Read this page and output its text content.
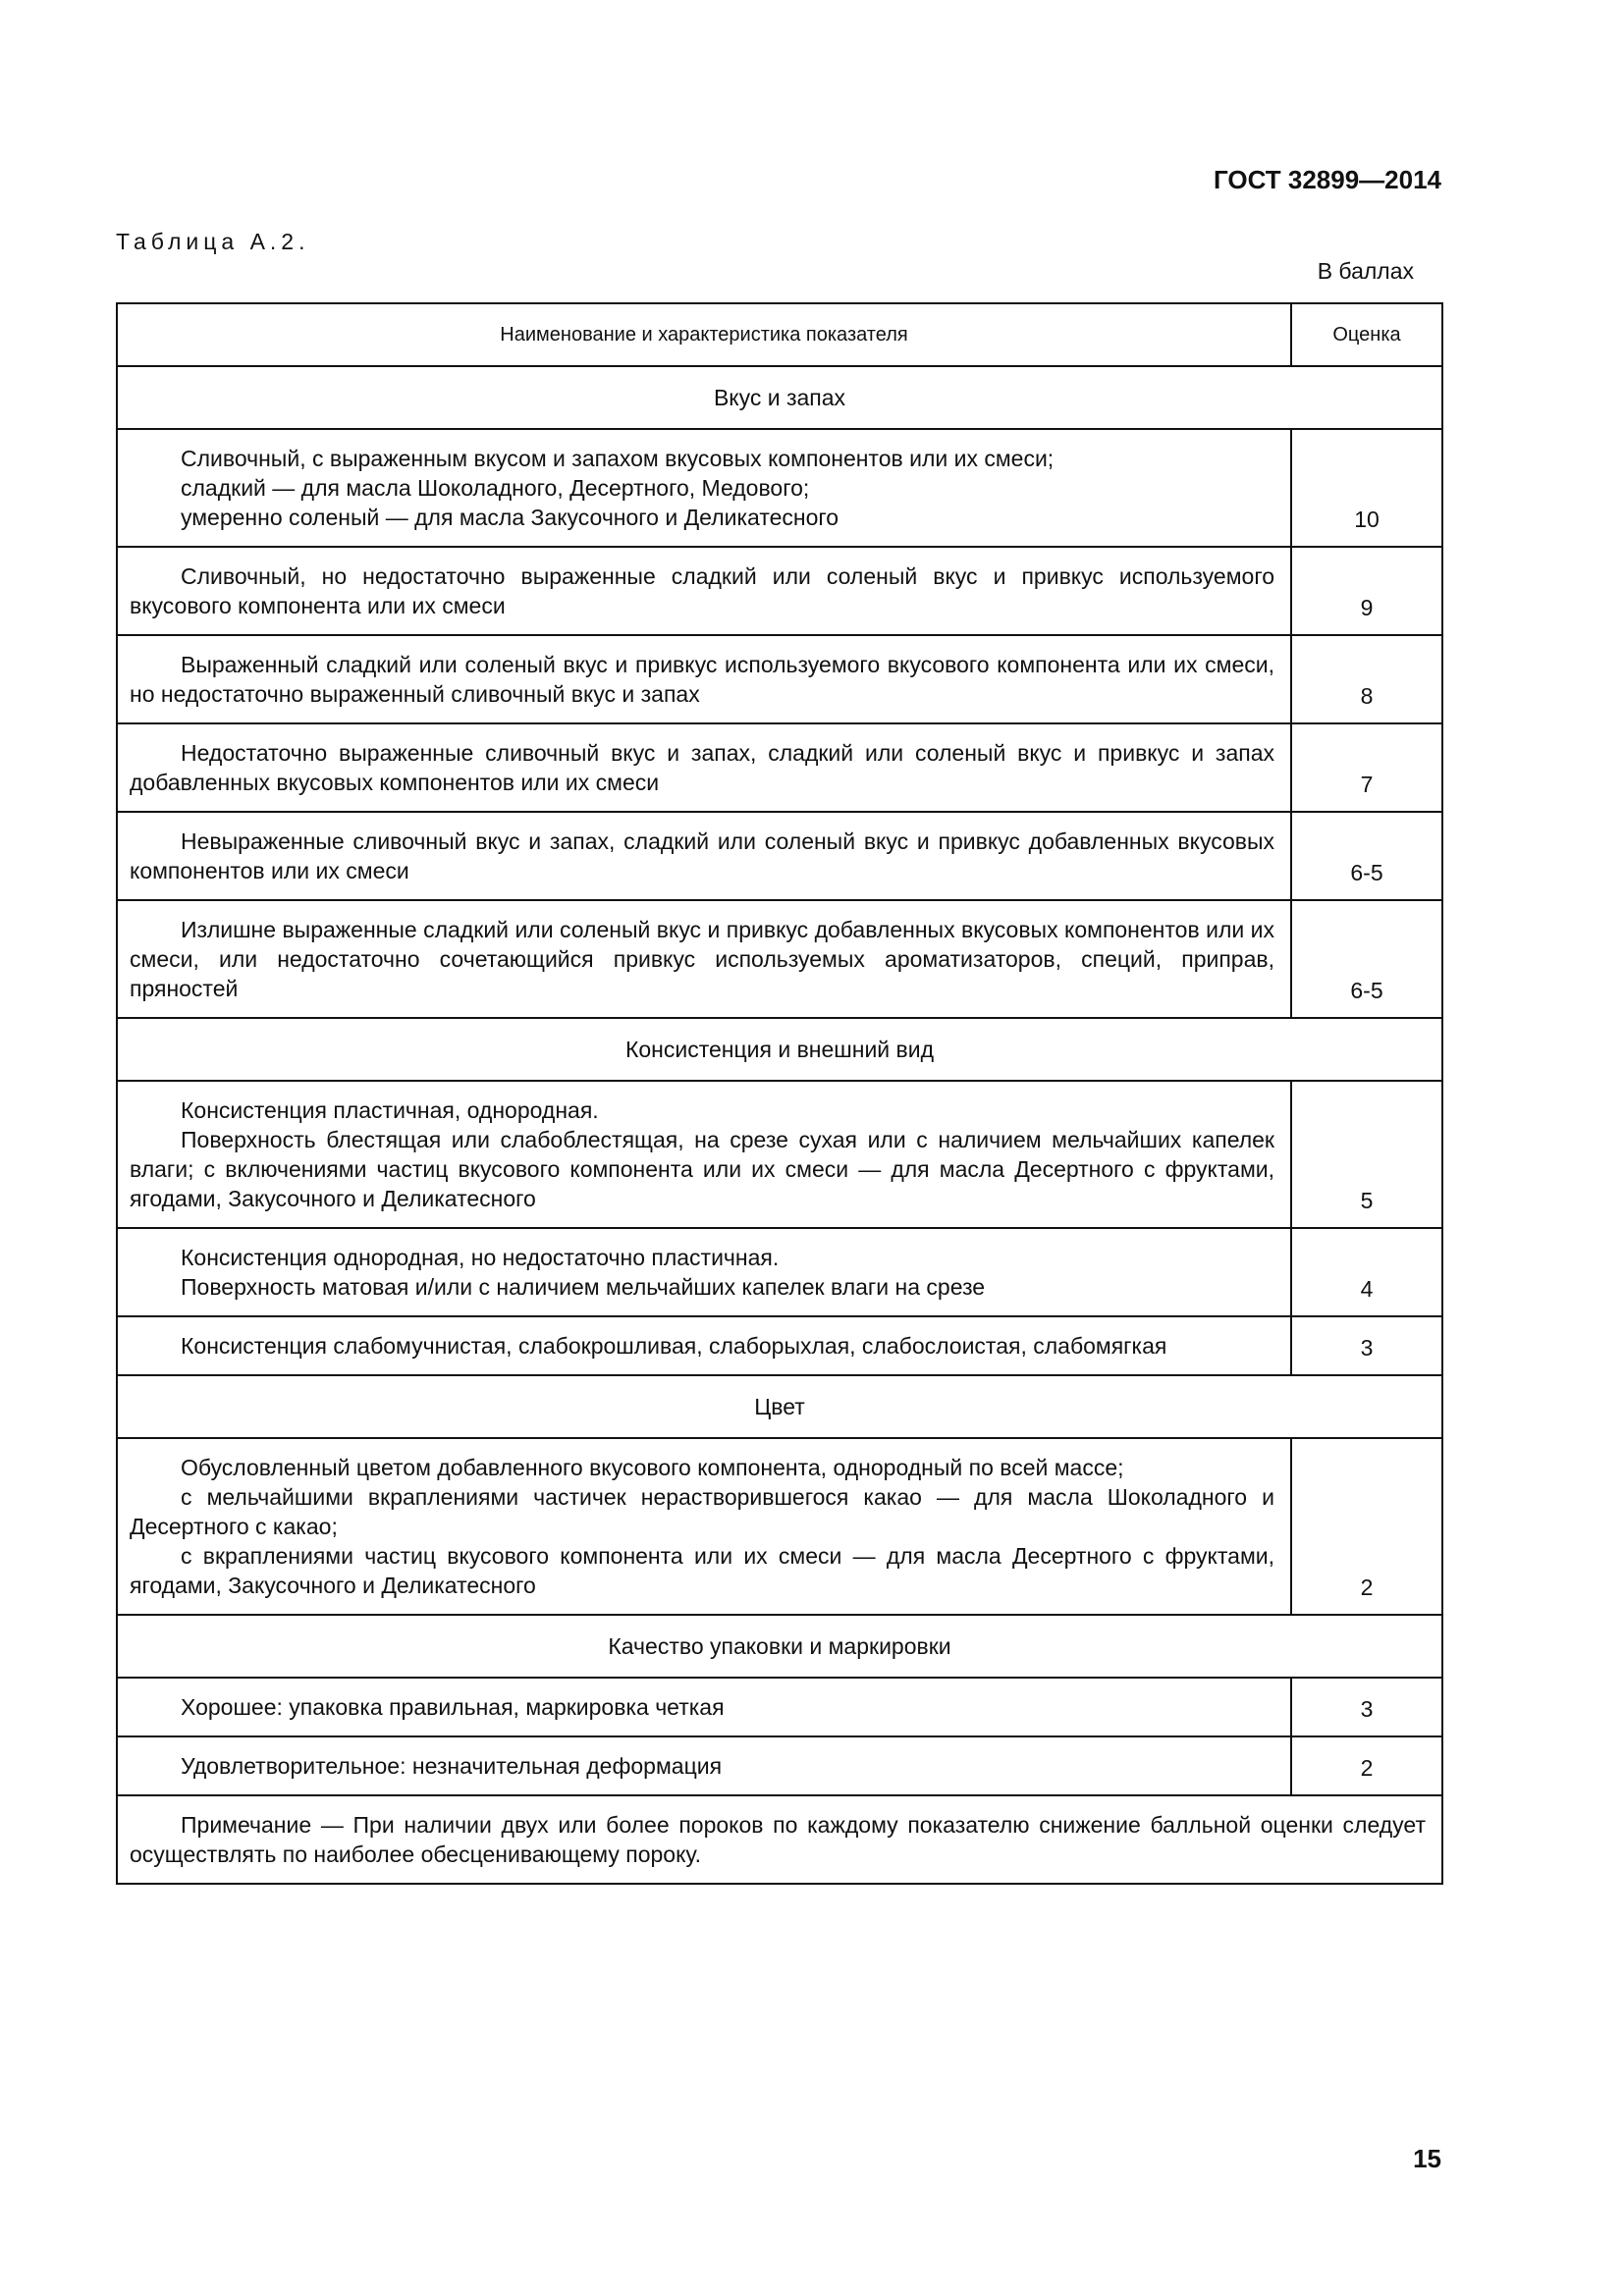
ГОСТ 32899—2014
Таблица А.2.
В баллах
Наименование и характеристика показателя	Оценка
Вкус и запах	

Сливочный, с выраженным вкусом и запахом вкусовых компонентов или их смеси;
сладкий — для масла Шоколадного, Десертного, Медового;
умеренно соленый — для масла Закусочного и Деликатесного	10

Сливочный, но недостаточно выраженные сладкий или соленый вкус и привкус используемого вкусового компонента или их смеси	9

Выраженный сладкий или соленый вкус и привкус используемого вкусового компонента или их смеси, но недостаточно выраженный сливочный вкус и запах	8

Недостаточно выраженные сливочный вкус и запах, сладкий или соленый вкус и привкус и запах добавленных вкусовых компонентов или их смеси	7

Невыраженные сливочный вкус и запах, сладкий или соленый вкус и привкус добавленных вкусовых компонентов или их смеси	6-5

Излишне выраженные сладкий или соленый вкус и привкус добавленных вкусовых компонентов или их смеси, или недостаточно сочетающийся привкус используемых ароматизаторов, специй, приправ, пряностей	6-5
Консистенция и внешний вид	

Консистенция пластичная, однородная.
Поверхность блестящая или слабоблестящая, на срезе сухая или с наличием мельчайших капелек влаги; с включениями частиц вкусового компонента или их смеси — для масла Десертного с фруктами, ягодами, Закусочного и Деликатесного	5

Консистенция однородная, но недостаточно пластичная.
Поверхность матовая и/или с наличием мельчайших капелек влаги на срезе	4

Консистенция слабомучнистая, слабокрошливая, слаборыхлая, слабослоистая, слабомягкая	3
Цвет	

Обусловленный цветом добавленного вкусового компонента, однородный по всей массе;
с мельчайшими вкраплениями частичек нерастворившегося какао — для масла Шоколадного и Десертного с какао;
с вкраплениями частиц вкусового компонента или их смеси — для масла Десертного с фруктами, ягодами, Закусочного и Деликатесного	2
Качество упаковки и маркировки	

Хорошее: упаковка правильная, маркировка четкая	3

Удовлетворительное: незначительная деформация	2

Примечание — При наличии двух или более пороков по каждому показателю снижение балльной оценки следует осуществлять по наиболее обесценивающему пороку.	
15
